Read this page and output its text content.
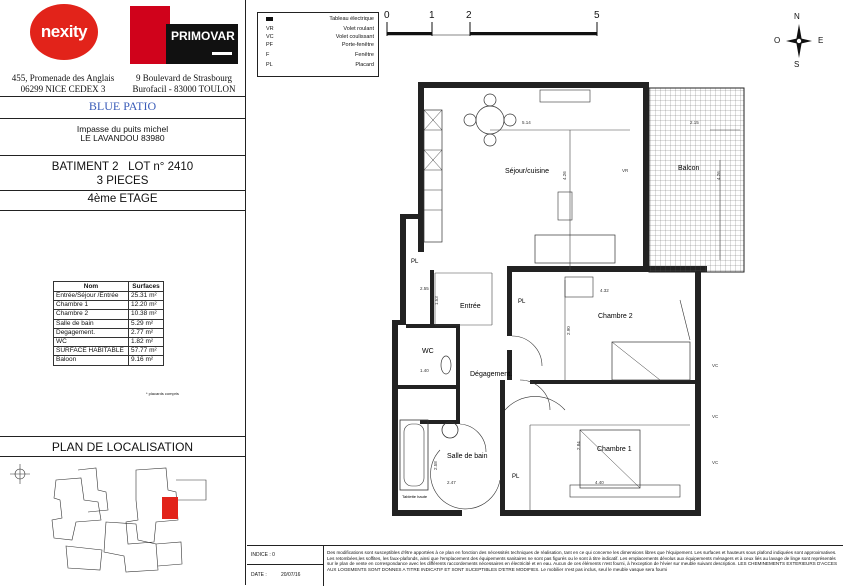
nexity	PRIMOVAR
455, Promenade des Anglais
06299 NICE CEDEX 3
9 Boulevard de Strasbourg
Burofacil - 83000 TOULON
BLUE PATIO
Impasse du puits michel
LE LAVANDOU 83980
BATIMENT 2 LOT n° 2410
3 PIECES
4ème ETAGE
Nom	Surfaces
Entrée/Séjour /Entrée	25.31 m²
Chambre 1	12.20 m²
Chambre 2	10.38 m²
Salle de bain	5.29 m²
Degagement.	2.77 m²
WC	1.82 m²
SURFACE HABITABLE	57.77 m²
Baloon	9.16 m²
* placards compris
PLAN DE LOCALISATION
Tableau électrique
VR	Volet roulant
VC	Volet coulissant
PF	Porte-fenêtre
F	Fenêtre
PL	Placard
0	1	2	5	N
S
E
O
Séjour/cuisine	Balcon
Entrée
Chambre 2
Chambre 1
WC
Dégagement.
Salle de bain
PL
PL
PL
Tablette haute
5.14	2.15
4.26	4.26
2.55
1.53
2.90
4.32
1.40
2.84
2.47
2.58
4.40
VR
VC
VC
VC
INDICE : 0
DATE :	20/07/16
Des modifications sont susceptibles d'être apportées à ce plan en fonction des nécessités techniques de réalisation, tant en ce qui concerne les dimensions libres que l'équipement. Les surfaces et hauteurs sous plafond indiquées sont approximatives. Les retombées,les soffites, les faux-plafonds, ainsi que l'emplacement des équipements sanitaires ne sont pas figurés ou le sont à titre indicatif. Les emplacements dévolus aux équipements ménagers et à ceux liés au lavage de linge sont représentés sur le plan de vente en correspondance avec les différents raccordements nécessaires en électricité et en eau. Aucun de ces éléments n'est fourni, à l'exception de l'évier sur meuble suivant description. LES CHEMINEMENTS EXTERIEURS D'ACCES AUX LOGEMENTS SONT DONNES A TITRE INDICATIF ET SONT SUCEPTIBLES D'ETRE MODIFIES. Le mobilier n'est pas inclus, seul le meuble vasque sera fourni
